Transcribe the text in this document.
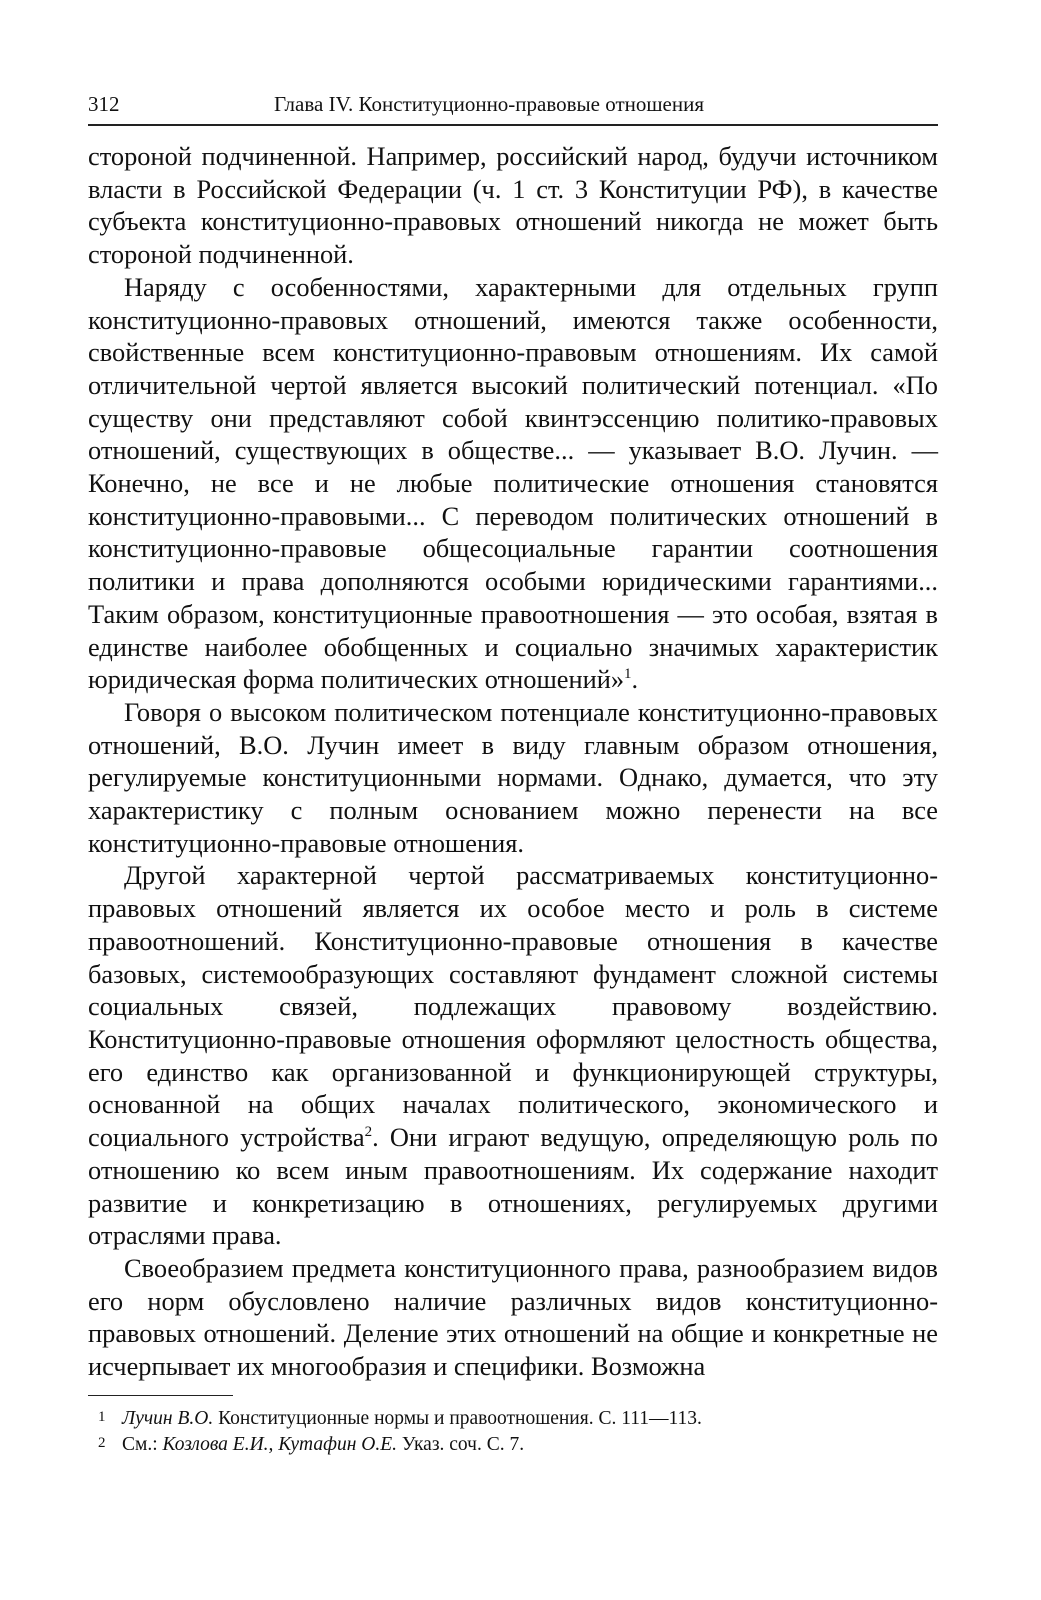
312	Глава IV. Конституционно-правовые отношения

стороной подчиненной. Например, российский народ, будучи источником власти в Российской Федерации (ч. 1 ст. 3 Конституции РФ), в качестве субъекта конституционно-правовых отношений никогда не может быть стороной подчиненной.

Наряду с особенностями, характерными для отдельных групп конституционно-правовых отношений, имеются также особенности, свойственные всем конституционно-правовым отношениям. Их самой отличительной чертой является высокий политический потенциал. «По существу они представляют собой квинтэссенцию политико-правовых отношений, существующих в обществе... — указывает В.О. Лучин. — Конечно, не все и не любые политические отношения становятся конституционно-правовыми... С переводом политических отношений в конституционно-правовые общесоциальные гарантии соотношения политики и права дополняются особыми юридическими гарантиями... Таким образом, конституционные правоотношения — это особая, взятая в единстве наиболее обобщенных и социально значимых характеристик юридическая форма политических отношений»$^1$.

Говоря о высоком политическом потенциале конституционно-правовых отношений, В.О. Лучин имеет в виду главным образом отношения, регулируемые конституционными нормами. Однако, думается, что эту характеристику с полным основанием можно перенести на все конституционно-правовые отношения.

Другой характерной чертой рассматриваемых конституционно-правовых отношений является их особое место и роль в системе правоотношений. Конституционно-правовые отношения в качестве базовых, системообразующих составляют фундамент сложной системы социальных связей, подлежащих правовому воздействию. Конституционно-правовые отношения оформляют целостность общества, его единство как организованной и функционирующей структуры, основанной на общих началах политического, экономического и социального устройства$^2$. Они играют ведущую, определяющую роль по отношению ко всем иным правоотношениям. Их содержание находит развитие и конкретизацию в отношениях, регулируемых другими отраслями права.

Своеобразием предмета конституционного права, разнообразием видов его норм обусловлено наличие различных видов конституционно-правовых отношений. Деление этих отношений на общие и конкретные не исчерпывает их многообразия и специфики. Возможна

1 Лучин В.О. Конституционные нормы и правоотношения. С. 111—113.
2 См.: Козлова Е.И., Кутафин О.Е. Указ. соч. С. 7.
